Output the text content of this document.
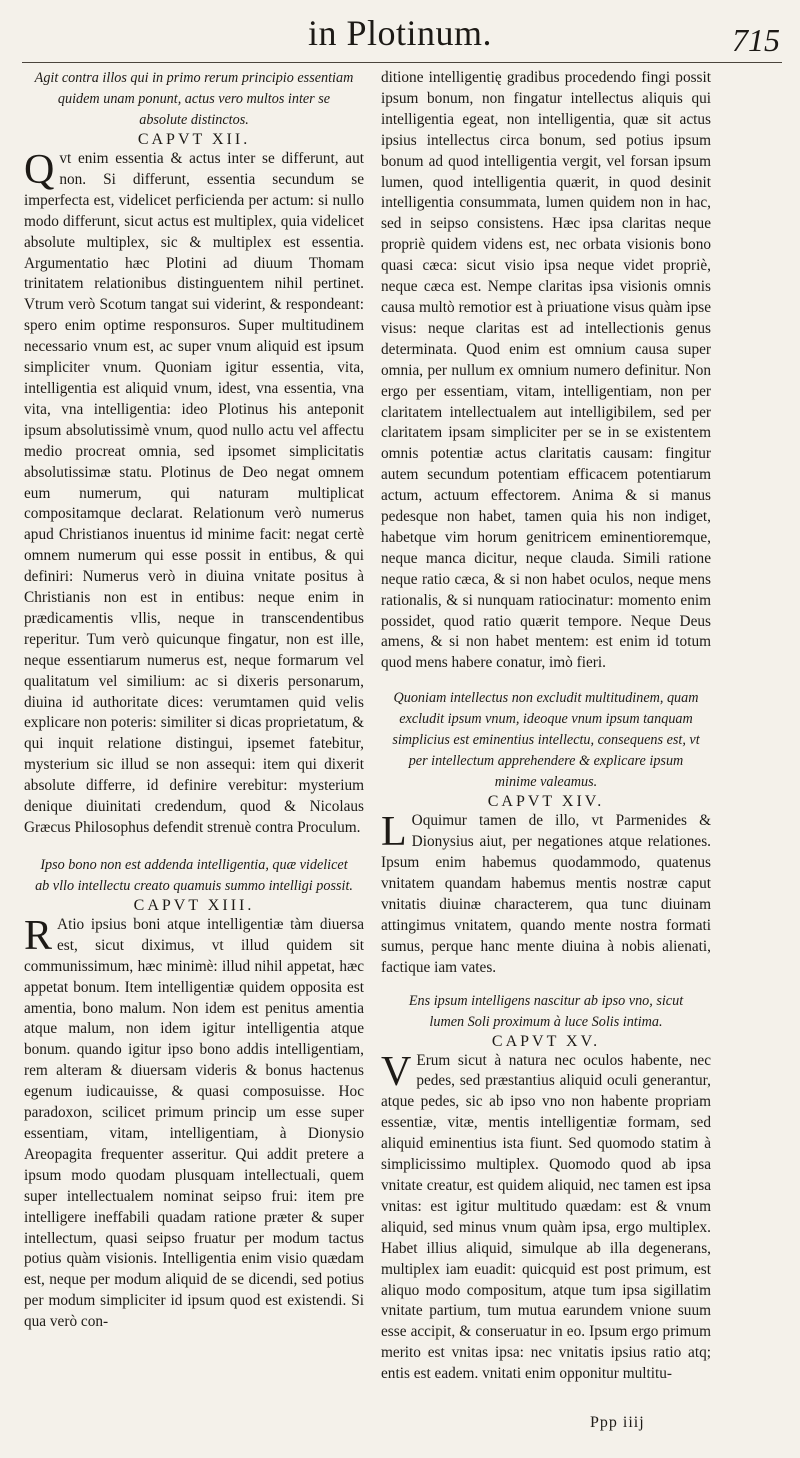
in Plotinum.	715

Agit contra illos qui in primo rerum principio essentiam quidem unam ponunt, actus vero multos inter se absolute distinctos.

CAPVT XII.

Qvt enim essentia & actus inter se differunt, aut non. Si differunt, essentia secundum se imperfecta est, videlicet perficienda per actum: si nullo modo differunt, sicut actus est multiplex, quia videlicet absolute multiplex, sic & multiplex est essentia. Argumentatio hæc Plotini ad diuum Thomam trinitatem relationibus distinguentem nihil pertinet. Vtrum verò Scotum tangat sui viderint, & respondeant: spero enim optime responsuros. Super multitudinem necessario vnum est, ac super vnum aliquid est ipsum simpliciter vnum. Quoniam igitur essentia, vita, intelligentia est aliquid vnum, idest, vna essentia, vna vita, vna intelligentia: ideo Plotinus his anteponit ipsum absolutissimè vnum, quod nullo actu vel affectu medio procreat omnia, sed ipsomet simplicitatis absolutissimæ statu. Plotinus de Deo negat omnem eum numerum, qui naturam multiplicat compositamque declarat. Relationum verò numerus apud Christianos inuentus id minime facit: negat certè omnem numerum qui esse possit in entibus, & qui definiri: Numerus verò in diuina vnitate positus à Christianis non est in entibus: neque enim in prædicamentis vllis, neque in transcendentibus reperitur. Tum verò quicunque fingatur, non est ille, neque essentiarum numerus est, neque formarum vel qualitatum vel similium: ac si dixeris personarum, diuina id authoritate dices: verumtamen quid velis explicare non poteris: similiter si dicas proprietatum, & qui inquit relatione distingui, ipsemet fatebitur, mysterium sic illud se non assequi: item qui dixerit absolute differre, id definire verebitur: mysterium denique diuinitati credendum, quod & Nicolaus Græcus Philosophus defendit strenuè contra Proculum.

Ipso bono non est addenda intelligentia, quæ videlicet ab vllo intellectu creato quamuis summo intelligi possit.

CAPVT XIII.

R Atio ipsius boni atque intelligentiæ tàm diuersa est, sicut diximus, vt illud quidem sit communissimum, hæc minimè: illud nihil appetat, hæc appetat bonum. Item intelligentiæ quidem opposita est amentia, bono malum. Non idem est penitus amentia atque malum, non idem igitur intelligentia atque bonum. quando igitur ipso bono addis intelligentiam, rem alteram & diuersam videris & bonus hactenus egenum iudicauisse, & quasi composuisse. Hoc paradoxon, scilicet primum princip um esse super essentiam, vitam, intelligentiam, à Dionysio Areopagita frequenter asseritur. Qui addit pretere a ipsum modo quodam plusquam intellectuali, quem super intellectualem nominat seipso frui: item pre intelligere ineffabili quadam ratione præter & super intellectum, quasi seipso fruatur per modum tactus potius quàm visionis. Intelligentia enim visio quædam est, neque per modum aliquid de se dicendi, sed potius per modum simpliciter id ipsum quod est existendi. Si qua verò con-

ditione intelligentię gradibus procedendo fingi possit ipsum bonum, non fingatur intellectus aliquis qui intelligentia egeat, non intelligentia, quæ sit actus ipsius intellectus circa bonum, sed potius ipsum bonum ad quod intelligentia vergit, vel forsan ipsum lumen, quod intelligentia quærit, in quod desinit intelligentia consummata, lumen quidem non in hac, sed in seipso consistens. Hæc ipsa claritas neque propriè quidem videns est, nec orbata visionis bono quasi cæca: sicut visio ipsa neque videt propriè, neque cæca est. Nempe claritas ipsa visionis omnis causa multò remotior est à priuatione visus quàm ipse visus: neque claritas est ad intellectionis genus determinata. Quod enim est omnium causa super omnia, per nullum ex omnium numero definitur. Non ergo per essentiam, vitam, intelligentiam, non per claritatem intellectualem aut intelligibilem, sed per claritatem ipsam simpliciter per se in se existentem omnis potentiæ actus claritatis causam: fingitur autem secundum potentiam efficacem potentiarum actum, actuum effectorem. Anima & si manus pedesque non habet, tamen quia his non indiget, habetque vim horum genitricem eminentioremque, neque manca dicitur, neque clauda. Simili ratione neque ratio cæca, & si non habet oculos, neque mens rationalis, & si nunquam ratiocinatur: momento enim possidet, quod ratio quærit tempore. Neque Deus amens, & si non habet mentem: est enim id totum quod mens habere conatur, imò fieri.

Quoniam intellectus non excludit multitudinem, quam excludit ipsum vnum, ideoque vnum ipsum tanquam simplicius est eminentius intellectu, consequens est, vt per intellectum apprehendere & explicare ipsum minime valeamus.

CAPVT XIV.

L Oquimur tamen de illo, vt Parmenides & Dionysius aiut, per negationes atque relationes. Ipsum enim habemus quodammodo, quatenus vnitatem quandam habemus mentis nostræ caput vnitatis diuinæ characterem, qua tunc diuinam attingimus vnitatem, quando mente nostra formati sumus, perque hanc mente diuina à nobis alienati, factique iam vates.

Ens ipsum intelligens nascitur ab ipso vno, sicut lumen Soli proximum à luce Solis intima.

CAPVT XV.

V Erum sicut à natura nec oculos habente, nec pedes, sed præstantius aliquid oculi generantur, atque pedes, sic ab ipso vno non habente propriam essentiæ, vitæ, mentis intelligentiæ formam, sed aliquid eminentius ista fiunt. Sed quomodo statim à simplicissimo multiplex. Quomodo quod ab ipsa vnitate creatur, est quidem aliquid, nec tamen est ipsa vnitas: est igitur multitudo quædam: est & vnum aliquid, sed minus vnum quàm ipsa, ergo multiplex. Habet illius aliquid, simulque ab illa degenerans, multiplex iam euadit: quicquid est post primum, est aliquo modo compositum, atque tum ipsa sigillatim vnitate partium, tum mutua earundem vnione suum esse accipit, & conseruatur in eo. Ipsum ergo primum merito est vnitas ipsa: nec vnitatis ipsius ratio atq; entis est eadem. vnitati enim opponitur multitu-

Ppp iiij
